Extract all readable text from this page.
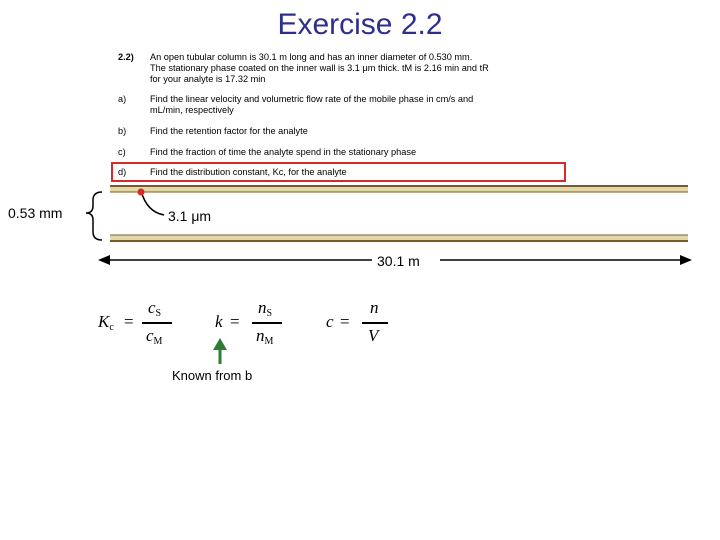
Exercise 2.2
2.2) An open tubular column is 30.1 m long and has an inner diameter of 0.530 mm.
The stationary phase coated on the inner wall is 3.1 μm thick. tM is 2.16 min and tR
for your analyte is 17.32 min
a)	Find the linear velocity and volumetric flow rate of the mobile phase in cm/s and
mL/min, respectively
b)	Find the retention factor for the analyte
c)	Find the fraction of time the analyte spend in the stationary phase
d)	Find the distribution constant, Kc, for the analyte
0.53 mm	3.1 μm
30.1 m
$K_c$ =
$c_S$
$c_M$
k =
$n_S$
$n_M$
c =
n
V
Known from b
